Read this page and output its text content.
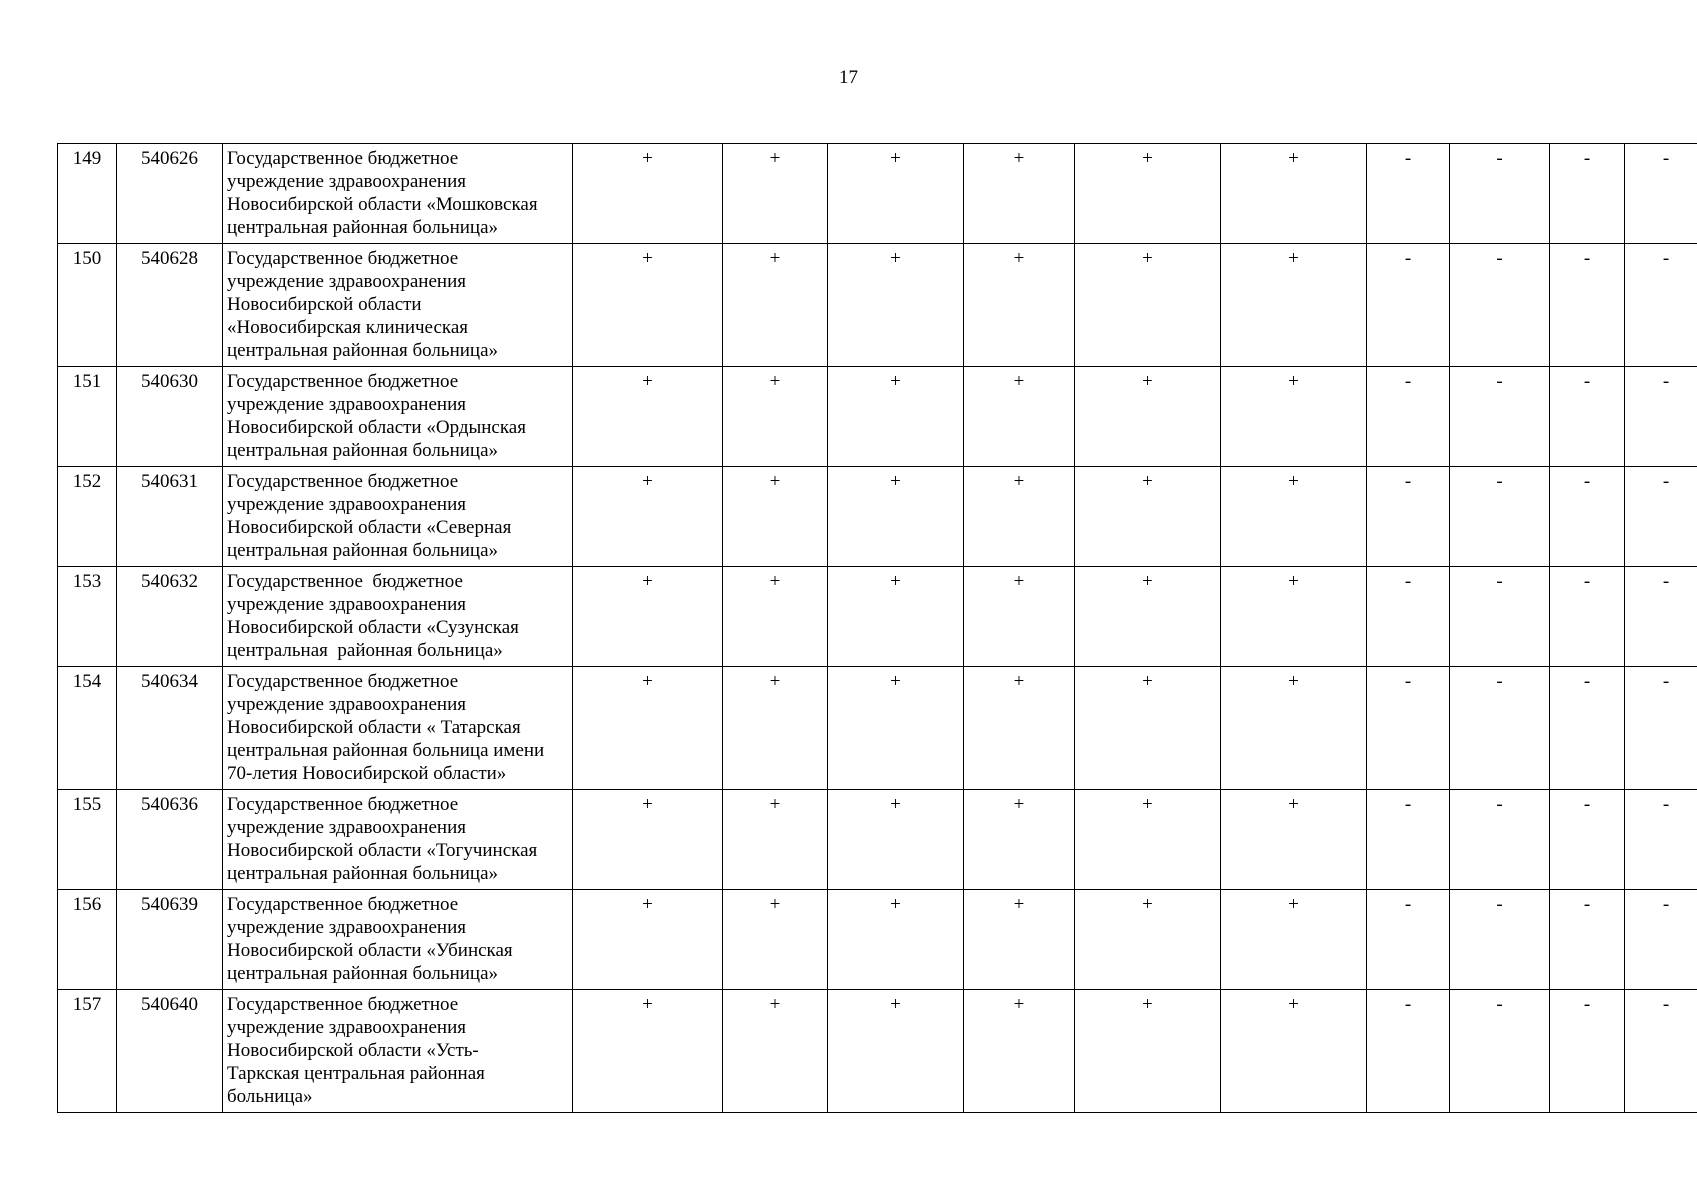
17
149	540626	Государственное бюджетное
учреждение здравоохранения
Новосибирской области «Мошковская
центральная районная больница»	+	+	+	+	+	+	-	-	-	-
150	540628	Государственное бюджетное
учреждение здравоохранения
Новосибирской области
«Новосибирская клиническая
центральная районная больница»	+	+	+	+	+	+	-	-	-	-
151	540630	Государственное бюджетное
учреждение здравоохранения
Новосибирской области «Ордынская
центральная районная больница»	+	+	+	+	+	+	-	-	-	-
152	540631	Государственное бюджетное
учреждение здравоохранения
Новосибирской области «Северная
центральная районная больница»	+	+	+	+	+	+	-	-	-	-
153	540632	Государственное  бюджетное
учреждение здравоохранения
Новосибирской области «Сузунская
центральная  районная больница»	+	+	+	+	+	+	-	-	-	-
154	540634	Государственное бюджетное
учреждение здравоохранения
Новосибирской области « Татарская
центральная районная больница имени
70-летия Новосибирской области»	+	+	+	+	+	+	-	-	-	-
155	540636	Государственное бюджетное
учреждение здравоохранения
Новосибирской области «Тогучинская
центральная районная больница»	+	+	+	+	+	+	-	-	-	-
156	540639	Государственное бюджетное
учреждение здравоохранения
Новосибирской области «Убинская
центральная районная больница»	+	+	+	+	+	+	-	-	-	-
157	540640	Государственное бюджетное
учреждение здравоохранения
Новосибирской области «Усть-
Таркская центральная районная
больница»	+	+	+	+	+	+	-	-	-	-
